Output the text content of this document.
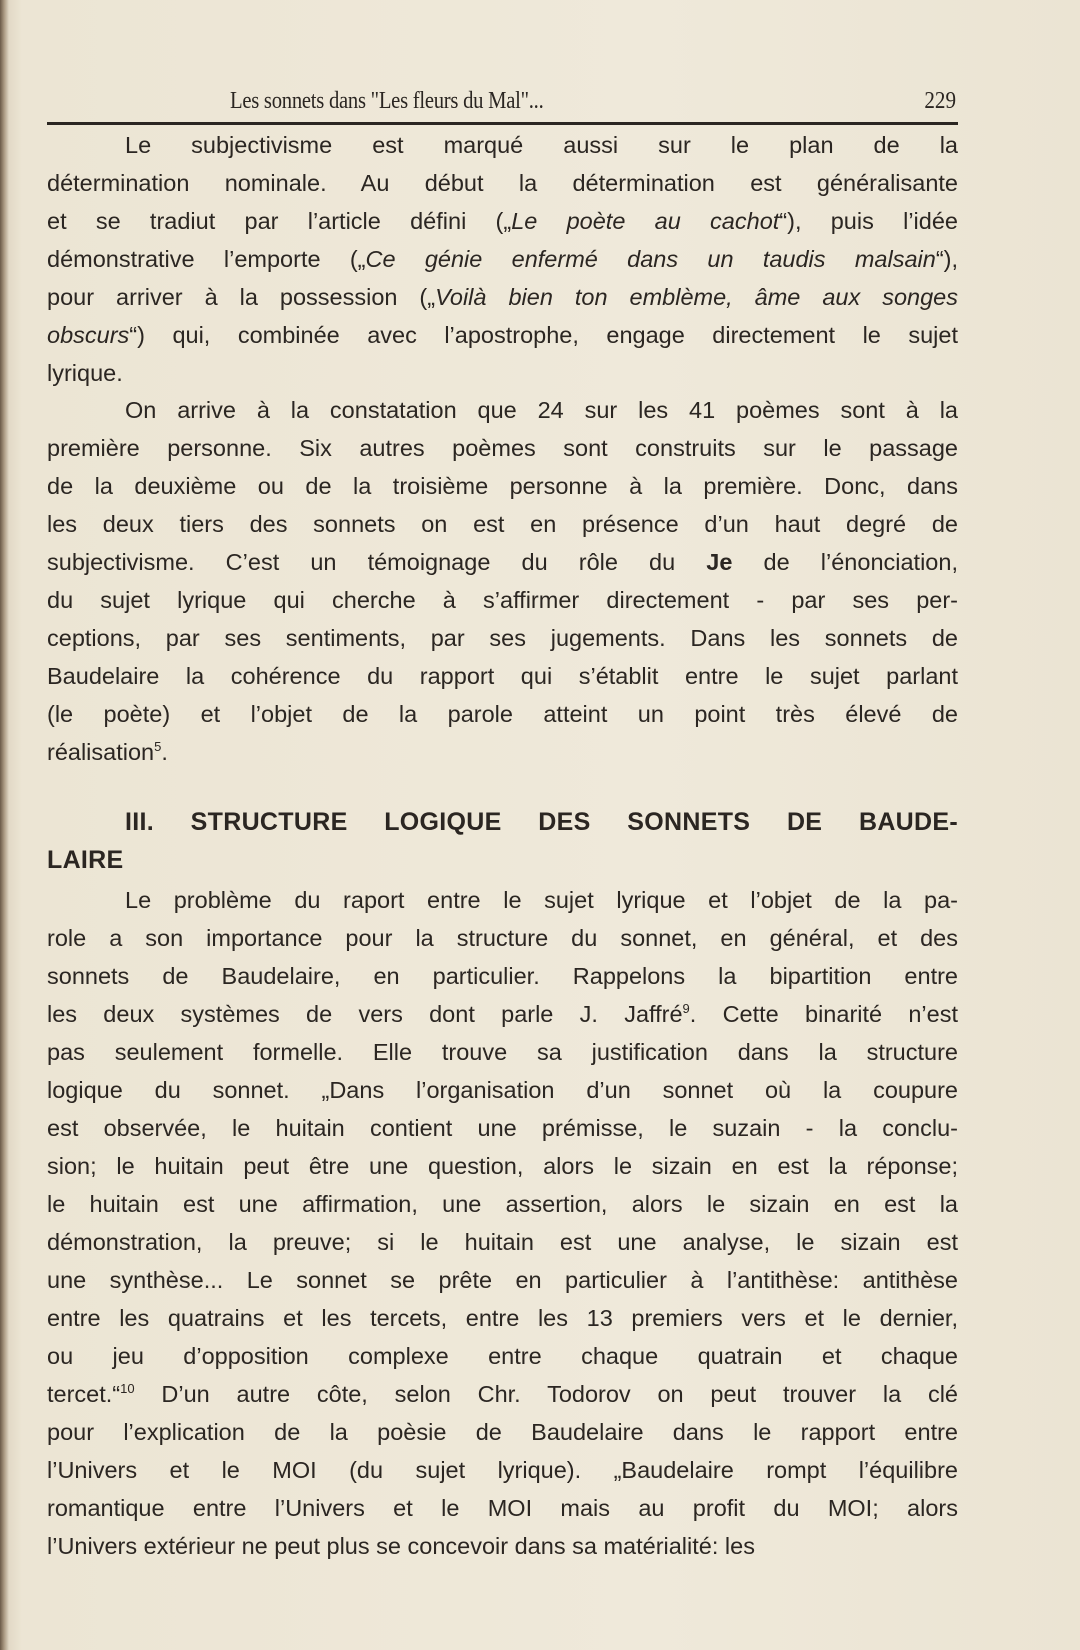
Les sonnets dans "Les fleurs du Mal"...	229
Le subjectivisme est marqué aussi sur le plan de la
détermination nominale. Au début la détermination est généralisante
et se tradiut par l’article défini („Le poète au cachot“), puis l’idée
démonstrative l’emporte („Ce génie enfermé dans un taudis malsain“),
pour arriver à la possession („Voilà bien ton emblème, âme aux songes
obscurs“) qui, combinée avec l’apostrophe, engage directement le sujet
lyrique.
On arrive à la constatation que 24 sur les 41 poèmes sont à la
première personne. Six autres poèmes sont construits sur le passage
de la deuxième ou de la troisième personne à la première. Donc, dans
les deux tiers des sonnets on est en présence d’un haut degré de
subjectivisme. C’est un témoignage du rôle du Je de l’énonciation,
du sujet lyrique qui cherche à s’affirmer directement - par ses per-
ceptions, par ses sentiments, par ses jugements. Dans les sonnets de
Baudelaire la cohérence du rapport qui s’établit entre le sujet parlant
(le poète) et l’objet de la parole atteint un point très élevé de
réalisation$^5$.
III. STRUCTURE LOGIQUE DES SONNETS DE BAUDE-
LAIRE
Le problème du raport entre le sujet lyrique et l’objet de la pa-
role a son importance pour la structure du sonnet, en général, et des
sonnets de Baudelaire, en particulier. Rappelons la bipartition entre
les deux systèmes de vers dont parle J. Jaffré$^9$. Cette binarité n’est
pas seulement formelle. Elle trouve sa justification dans la structure
logique du sonnet. „Dans l’organisation d’un sonnet où la coupure
est observée, le huitain contient une prémisse, le suzain - la conclu-
sion; le huitain peut être une question, alors le sizain en est la réponse;
le huitain est une affirmation, une assertion, alors le sizain en est la
démonstration, la preuve; si le huitain est une analyse, le sizain est
une synthèse... Le sonnet se prête en particulier à l’antithèse: antithèse
entre les quatrains et les tercets, entre les 13 premiers vers et le dernier,
ou jeu d’opposition complexe entre chaque quatrain et chaque
tercet.“$^{10}$ D’un autre côte, selon Chr. Todorov on peut trouver la clé
pour l’explication de la poèsie de Baudelaire dans le rapport entre
l’Univers et le MOI (du sujet lyrique). „Baudelaire rompt l’équilibre
romantique entre l’Univers et le MOI mais au profit du MOI; alors
l’Univers extérieur ne peut plus se concevoir dans sa matérialité: les
